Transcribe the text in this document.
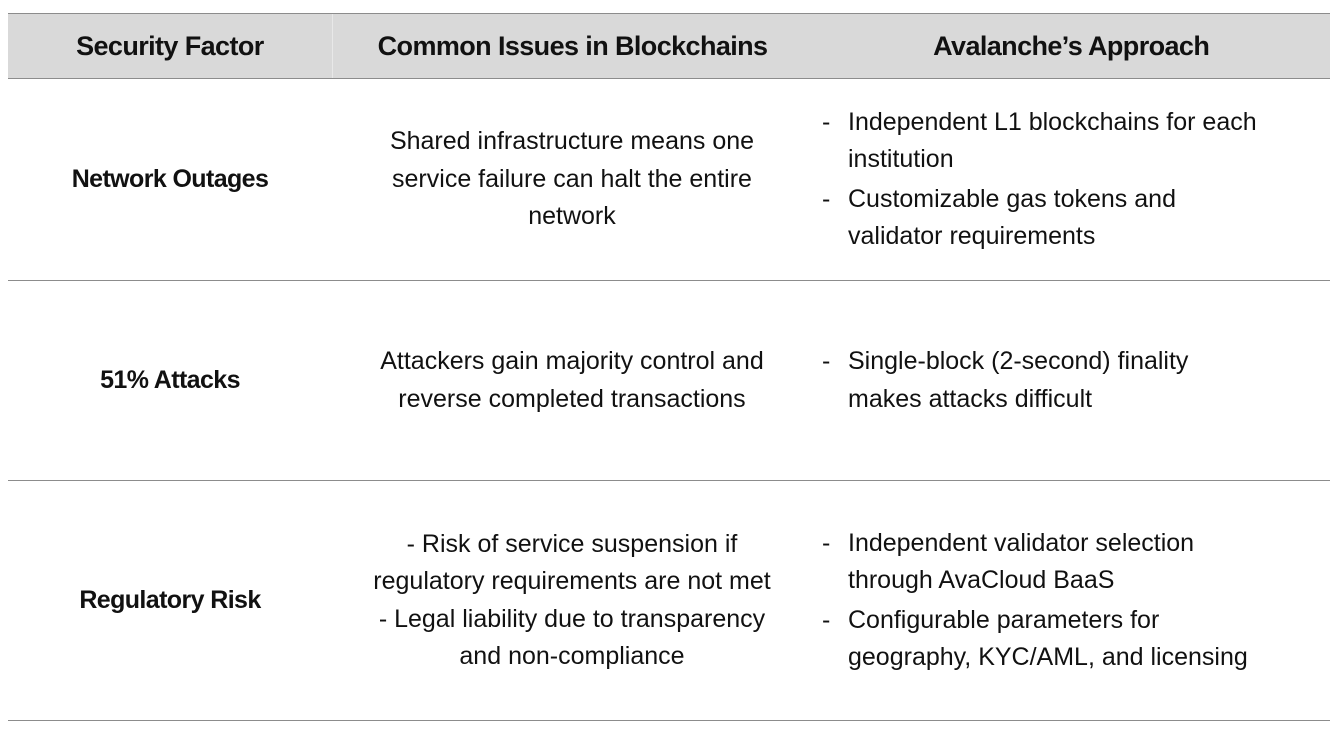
Security Factor	Common Issues in Blockchains	Avalanche’s Approach
Network Outages
Shared infrastructure means one
service failure can halt the entire
network
- Independent L1 blockchains for each
institution
- Customizable gas tokens and
validator requirements
51% Attacks
Attackers gain majority control and
reverse completed transactions
- Single-block (2-second) finality
makes attacks difficult
Regulatory Risk
- Risk of service suspension if
regulatory requirements are not met
- Legal liability due to transparency
and non-compliance
- Independent validator selection
through AvaCloud BaaS
- Configurable parameters for
geography, KYC/AML, and licensing
